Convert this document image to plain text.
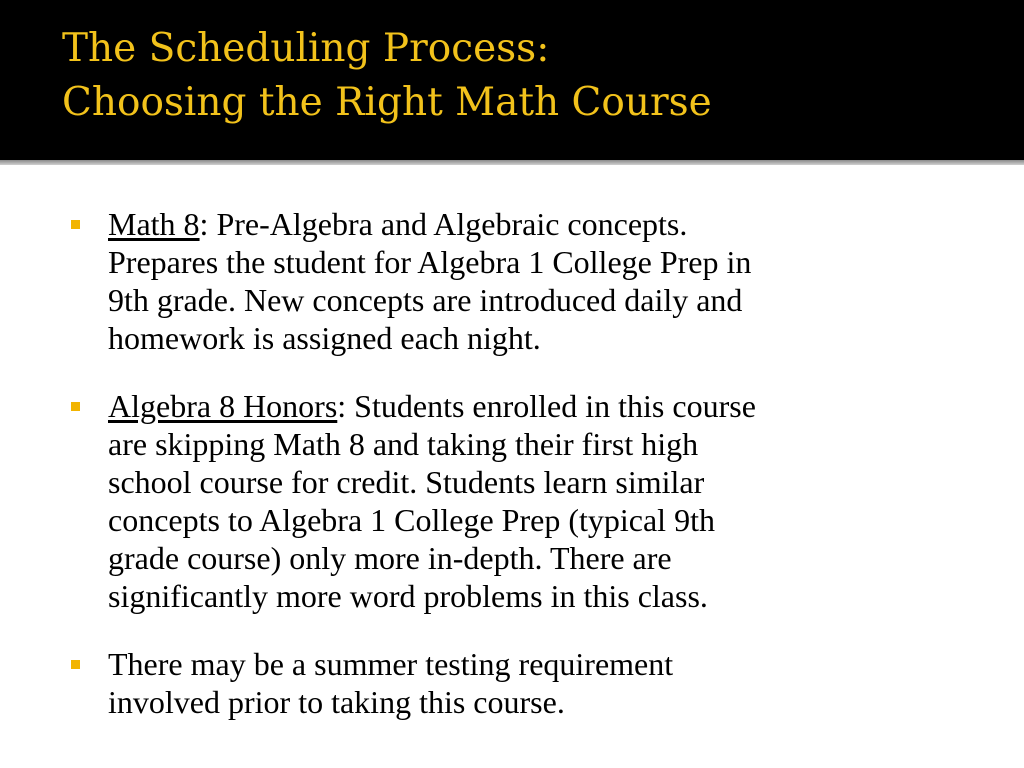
The Scheduling Process:
Choosing the Right Math Course
Math 8: Pre-Algebra and Algebraic concepts.
Prepares the student for Algebra 1 College Prep in
9th grade. New concepts are introduced daily and
homework is assigned each night.
Algebra 8 Honors: Students enrolled in this course
are skipping Math 8 and taking their first high
school course for credit. Students learn similar
concepts to Algebra 1 College Prep (typical 9th
grade course) only more in-depth. There are
significantly more word problems in this class.
There may be a summer testing requirement
involved prior to taking this course.
